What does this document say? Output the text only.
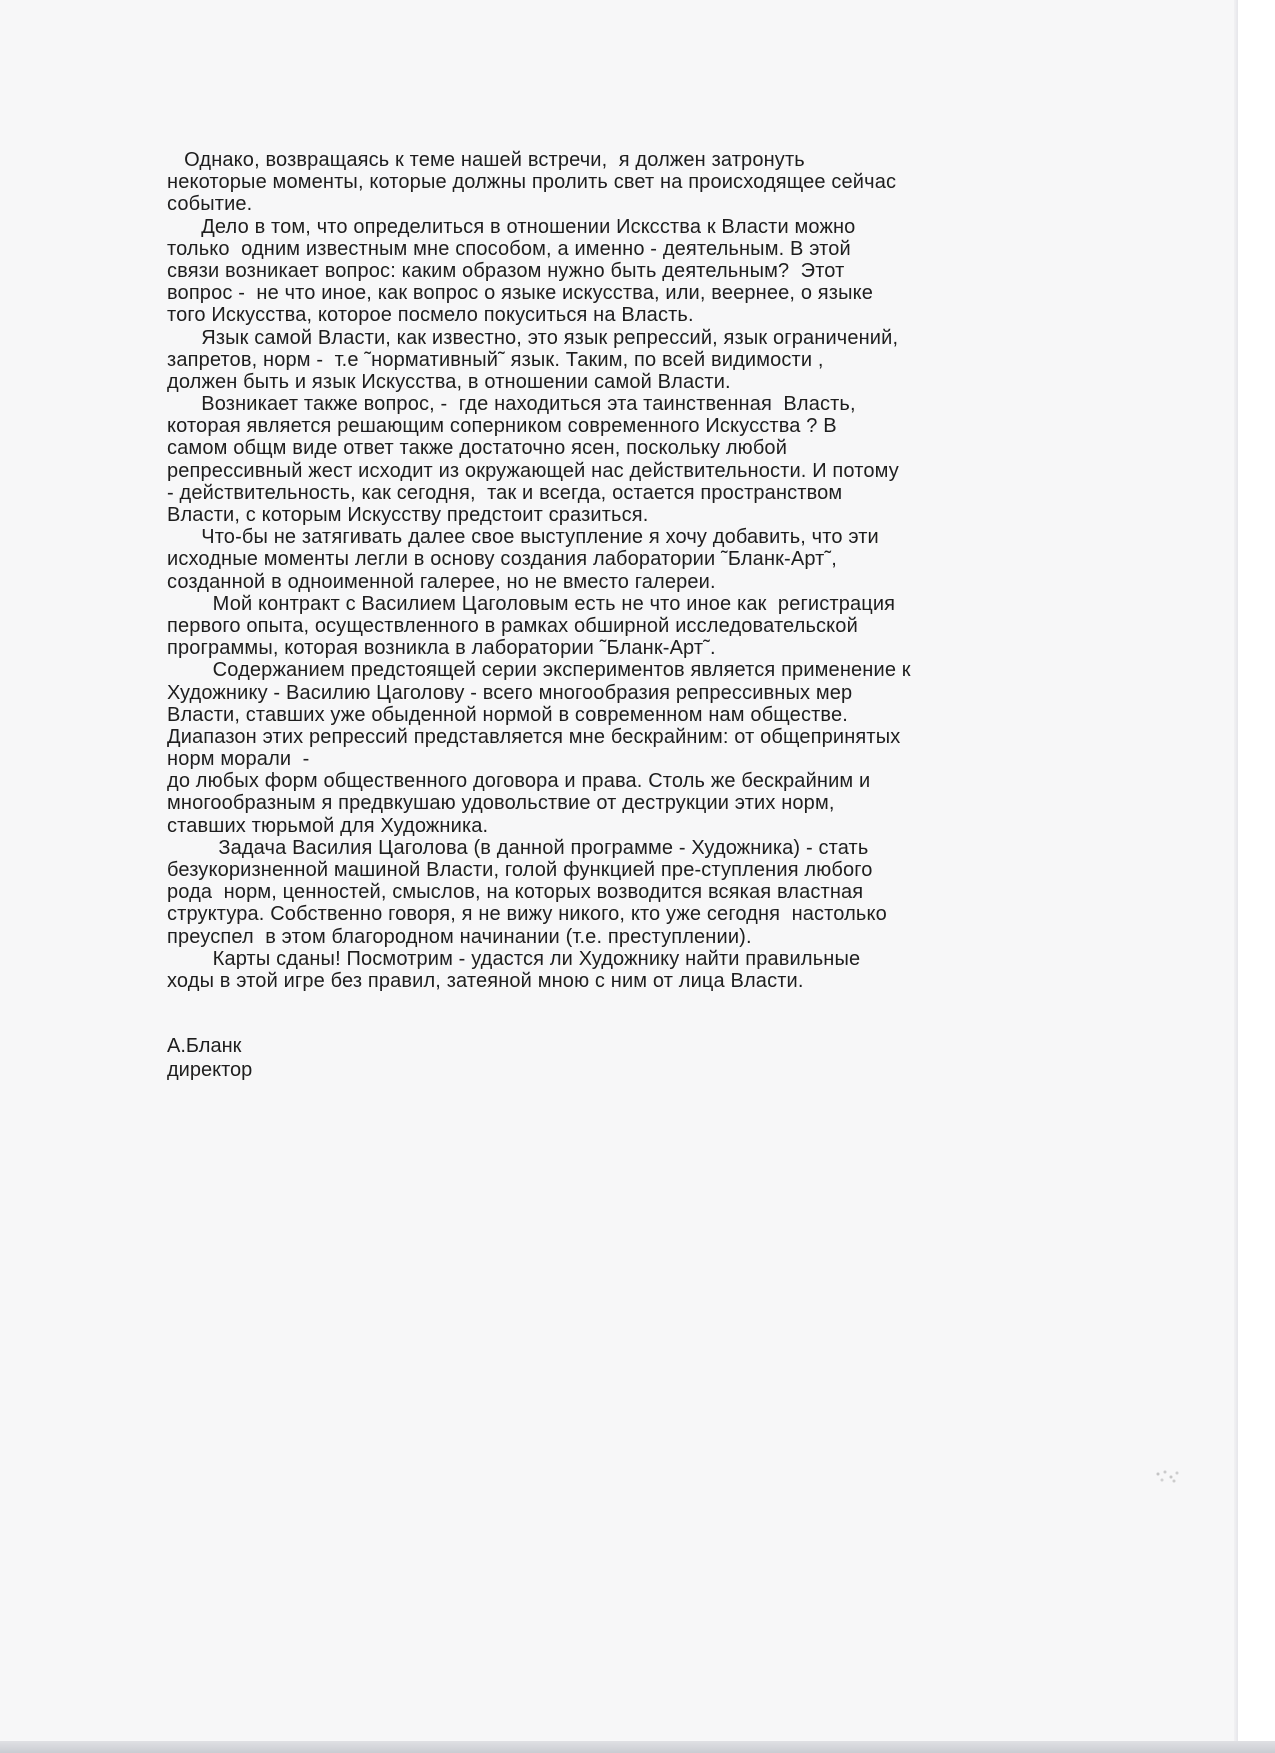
Однако, возвращаясь к теме нашей встречи,  я должен затронуть
некоторые моменты, которые должны пролить свет на происходящее сейчас
событие.
Дело в том, что определиться в отношении Искcства к Власти можно
только  одним известным мне способом, а именно - деятельным. В этой
связи возникает вопрос: каким образом нужно быть деятельным?  Этот
вопрос -  не что иное, как вопрос о языке искусства, или, веернее, о языке
того Искусства, которое посмело покуситься на Власть.
Язык самой Власти, как известно, это язык репрессий, язык ограничений,
запретов, норм -  т.е ˜нормативный˜ язык. Таким, по всей видимости ,
должен быть и язык Искусства, в отношении самой Власти.
Возникает также вопрос, -  где находиться эта таинственная  Власть,
которая является решающим соперником современного Искусства ? В
самом общм виде ответ также достаточно ясен, поскольку любой
репрессивный жест исходит из окружающей нас действительности. И потому
- действительность, как сегодня,  так и всегда, остается пространством
Власти, с которым Искусству предстоит сразиться.
Что-бы не затягивать далее свое выступление я хочу добавить, что эти
исходные моменты легли в основу создания лаборатории ˜Бланк-Арт˜,
созданной в одноименной галерее, но не вместо галереи.
Мой контракт с Василием Цаголовым есть не что иное как  регистрация
первого опыта, осуществленного в рамках обширной исследовательской
программы, которая возникла в лаборатории ˜Бланк-Арт˜.
Содержанием предстоящей серии экспериментов является применение к
Художнику - Василию Цаголову - всего многообразия репрессивных мер
Власти, ставших уже обыденной нормой в современном нам обществе.
Диапазон этих репрессий представляется мне бескрайним: от общепринятых
норм морали  -
до любых форм общественного договора и права. Столь же бескрайним и
многообразным я предвкушаю удовольствие от деструкции этих норм,
ставших тюрьмой для Художника.
Задача Василия Цаголова (в данной программе - Художника) - стать
безукоризненной машиной Власти, голой функцией пре-ступления любого
рода  норм, ценностей, смыслов, на которых возводится всякая властная
структура. Собственно говоря, я не вижу никого, кто уже сегодня  настолько
преуспел  в этом благородном начинании (т.е. преступлении).
Карты сданы! Посмотрим - удастся ли Художнику найти правильные
ходы в этой игре без правил, затеяной мною с ним от лица Власти.
А.Бланк
директор
